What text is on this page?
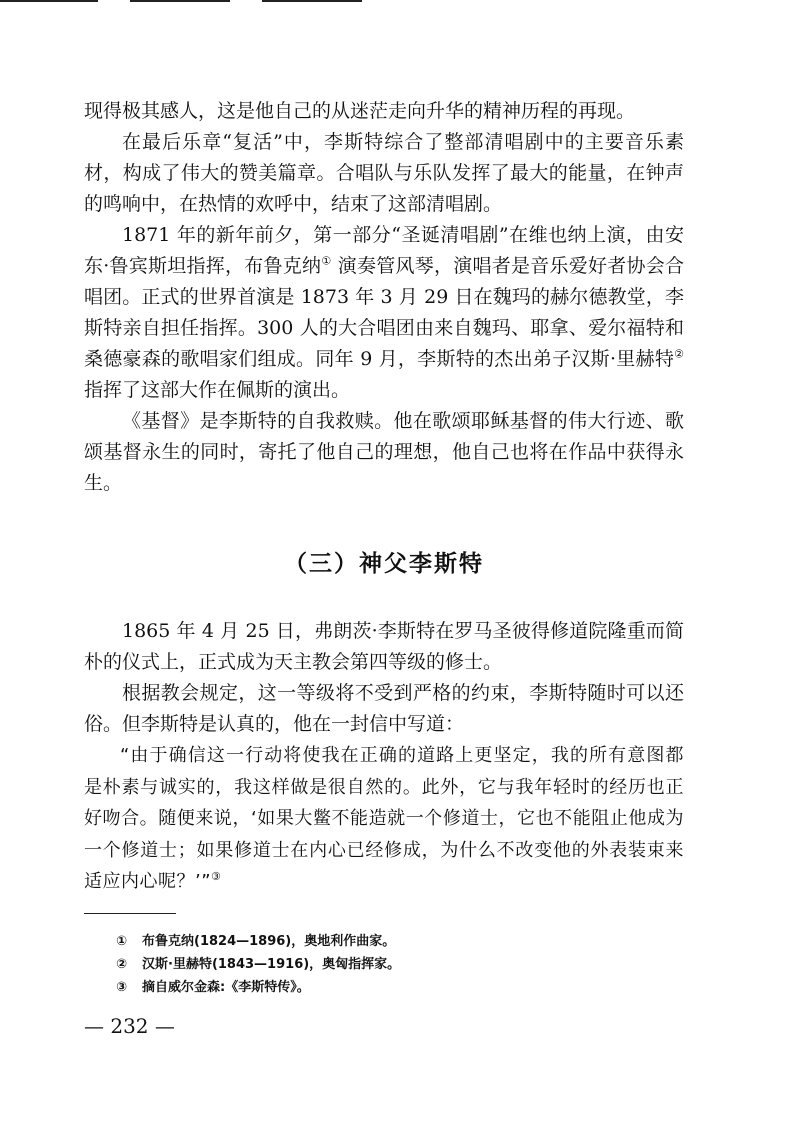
现得极其感人，这是他自己的从迷茫走向升华的精神历程的再现。

在最后乐章“复活”中，李斯特综合了整部清唱剧中的主要音乐素材，构成了伟大的赞美篇章。合唱队与乐队发挥了最大的能量，在钟声的鸣响中，在热情的欢呼中，结束了这部清唱剧。

1871 年的新年前夕，第一部分“圣诞清唱剧”在维也纳上演，由安东·鲁宾斯坦指挥，布鲁克纳① 演奏管风琴，演唱者是音乐爱好者协会合唱团。正式的世界首演是 1873 年 3 月 29 日在魏玛的赫尔德教堂，李斯特亲自担任指挥。300 人的大合唱团由来自魏玛、耶拿、爱尔福特和桑德豪森的歌唱家们组成。同年 9 月，李斯特的杰出弟子汉斯·里赫特② 指挥了这部大作在佩斯的演出。

《基督》是李斯特的自我救赎。他在歌颂耶稣基督的伟大行迹、歌颂基督永生的同时，寄托了他自己的理想，他自己也将在作品中获得永生。

（三）神父李斯特

1865 年 4 月 25 日，弗朗茨·李斯特在罗马圣彼得修道院隆重而简朴的仪式上，正式成为天主教会第四等级的修士。

根据教会规定，这一等级将不受到严格的约束，李斯特随时可以还俗。但李斯特是认真的，他在一封信中写道：

“由于确信这一行动将使我在正确的道路上更坚定，我的所有意图都是朴素与诚实的，我这样做是很自然的。此外，它与我年轻时的经历也正好吻合。随便来说，‘如果大鳖不能造就一个修道士，它也不能阻止他成为一个修道士；如果修道士在内心已经修成，为什么不改变他的外表装束来适应内心呢？’”③

① 布鲁克纳(1824—1896)，奥地利作曲家。
② 汉斯·里赫特(1843—1916)，奥匈指挥家。
③ 摘自威尔金森:《李斯特传》。
— 232 —
